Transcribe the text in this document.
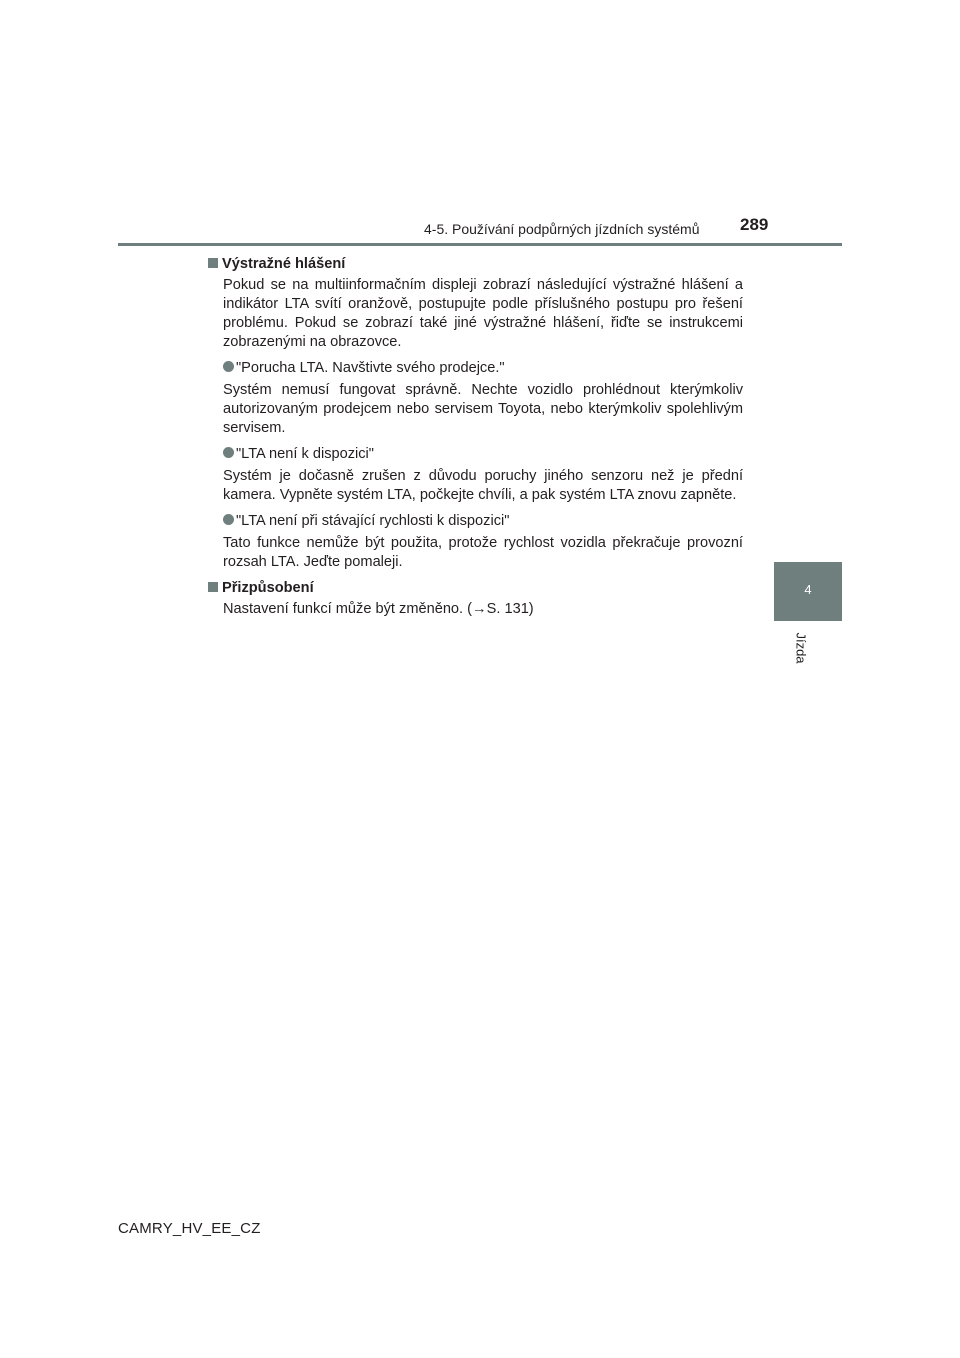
4-5. Používání podpůrných jízdních systémů 289
4
Jízda
Výstražné hlášení

Pokud se na multiinformačním displeji zobrazí následující výstražné hlášení a indikátor LTA svítí oranžově, postupujte podle příslušného postupu pro řešení problému. Pokud se zobrazí také jiné výstražné hlášení, řiďte se instrukcemi zobrazenými na obrazovce.

"Porucha LTA. Navštivte svého prodejce."

Systém nemusí fungovat správně. Nechte vozidlo prohlédnout kterýmkoliv autorizovaným prodejcem nebo servisem Toyota, nebo kterýmkoliv spolehlivým servisem.

"LTA není k dispozici"

Systém je dočasně zrušen z důvodu poruchy jiného senzoru než je přední kamera. Vypněte systém LTA, počkejte chvíli, a pak systém LTA znovu zapněte.

"LTA není při stávající rychlosti k dispozici"

Tato funkce nemůže být použita, protože rychlost vozidla překračuje provozní rozsah LTA. Jeďte pomaleji.

Přizpůsobení

Nastavení funkcí může být změněno. (→S. 131)

CAMRY_HV_EE_CZ
